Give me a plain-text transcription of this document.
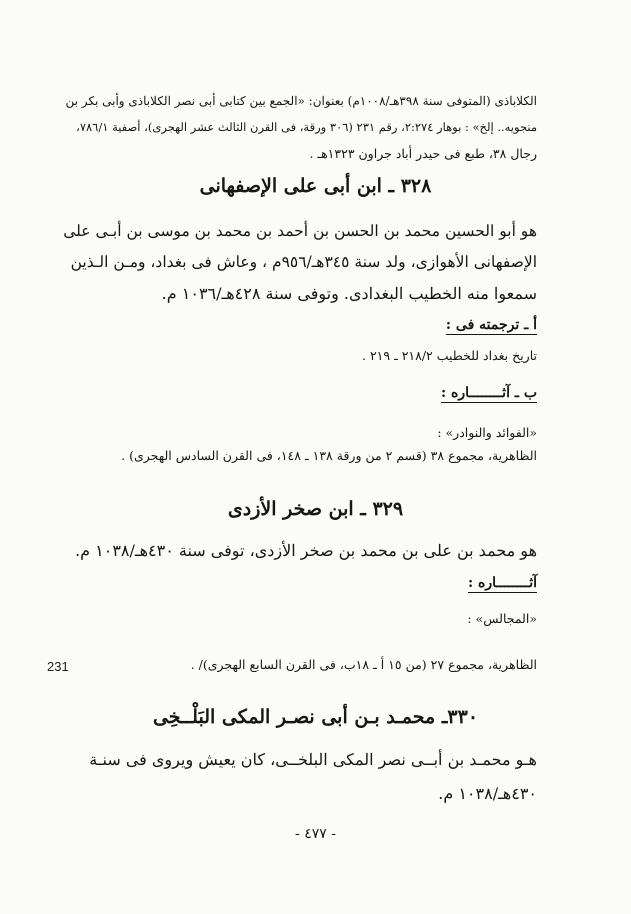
الكلاباذى (المتوفى سنة ٣٩٨هـ/١٠٠٨م) بعنوان: «الجمع بين كتابى أبى نصر الكلاباذى وأبى بكر بن

منجويه.. إلخ» : بوهار ٢:٢٧٤، رقم ٢٣١ (٣٠٦ ورقة، فى القرن الثالث عشر الهجرى)، أصفية ٧٨٦/١،

رجال ٣٨، طبع فى حيدر أباد جراون ١٣٢٣هـ .

٣٢٨ ـ ابن أبى على الإصفهانى

هو أبو الحسين محمد بن الحسن بن أحمد بن محمد بن موسى بن أبـى على

الإصفهانى الأهوازى، ولد سنة ٣٤٥هـ/٩٥٦م ، وعاش فى بغداد، ومـن الـذين

سمعوا منه الخطيب البغدادى. وتوفى سنة ٤٢٨هـ/١٠٣٦ م.

أ ـ ترجمته فى :

تاريخ بغداد للخطيب ٢١٨/٢ ـ ٢١٩ .

ب ـ آثــــــــاره :

«الفوائد والنوادر» :

الظاهرية، مجموع ٣٨ (قسم ٢ من ورقة ١٣٨ ـ ١٤٨، فى القرن السادس الهجرى) .

٣٢٩ ـ ابن صخر الأزدى

هو محمد بن على بن محمد بن صخر الأزدى، توفى سنة ٤٣٠هـ/١٠٣٨ م.

آثــــــــاره :

«المجالس» :

الظاهرية، مجموع ٢٧ (من ١٥ أ ـ ١٨ب، فى القرن السابع الهجرى)/ .

231
٣٣٠ـ محمـد بـن أبى نصـر المكى البَلْــخِى

هـو محمـد بن أبــى نصر المكى البلخــى، كان يعيش ويروى فى سنـة

٤٣٠هـ/١٠٣٨ م.

- ٤٧٧ -
